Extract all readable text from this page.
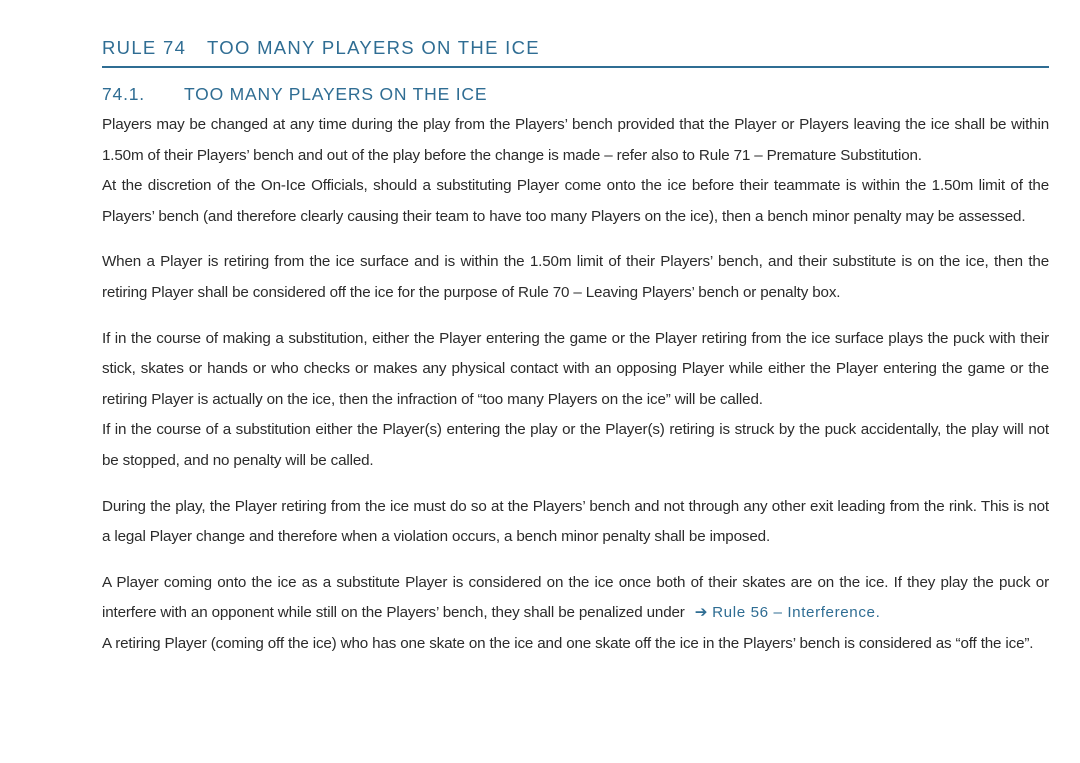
RULE 74	TOO MANY PLAYERS ON THE ICE
74.1.	TOO MANY PLAYERS ON THE ICE

Players may be changed at any time during the play from the Players’ bench provided that the Player or Players leaving the ice shall be within 1.50m of their Players’ bench and out of the play before the change is made – refer also to Rule 71 – Premature Substitution.

At the discretion of the On-Ice Officials, should a substituting Player come onto the ice before their teammate is within the 1.50m limit of the Players’ bench (and therefore clearly causing their team to have too many Players on the ice), then a bench minor penalty may be assessed.

When a Player is retiring from the ice surface and is within the 1.50m limit of their Players’ bench, and their substitute is on the ice, then the retiring Player shall be considered off the ice for the purpose of Rule 70 – Leaving Players’ bench or penalty box.

If in the course of making a substitution, either the Player entering the game or the Player retiring from the ice surface plays the puck with their stick, skates or hands or who checks or makes any physical contact with an opposing Player while either the Player entering the game or the retiring Player is actually on the ice, then the infraction of “too many Players on the ice” will be called.

If in the course of a substitution either the Player(s) entering the play or the Player(s) retiring is struck by the puck accidentally, the play will not be stopped, and no penalty will be called.

During the play, the Player retiring from the ice must do so at the Players’ bench and not through any other exit leading from the rink. This is not a legal Player change and therefore when a violation occurs, a bench minor penalty shall be imposed.

A Player coming onto the ice as a substitute Player is considered on the ice once both of their skates are on the ice. If they play the puck or interfere with an opponent while still on the Players’ bench, they shall be penalized under ➔ Rule 56 – Interference.

A retiring Player (coming off the ice) who has one skate on the ice and one skate off the ice in the Players’ bench is considered as “off the ice”.
